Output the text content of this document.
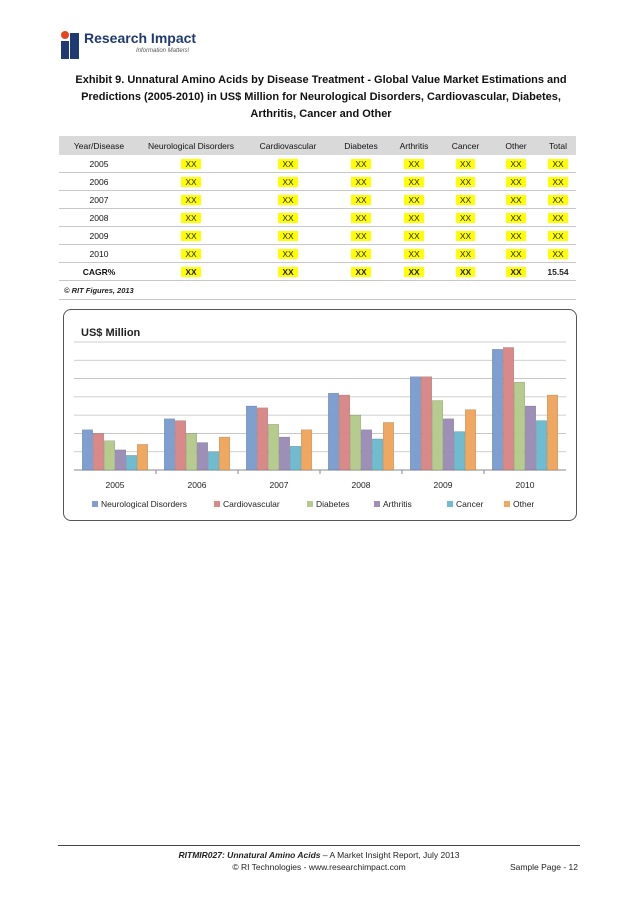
Research Impact
Information Matters!
Exhibit 9. Unnatural Amino Acids by Disease Treatment - Global Value Market Estimations and Predictions (2005-2010) in US$ Million for Neurological Disorders, Cardiovascular, Diabetes, Arthritis, Cancer and Other
Year/Disease	Neurological Disorders	Cardiovascular	Diabetes	Arthritis	Cancer	Other	Total
2005	XX	XX	XX	XX	XX	XX	XX
2006	XX	XX	XX	XX	XX	XX	XX
2007	XX	XX	XX	XX	XX	XX	XX
2008	XX	XX	XX	XX	XX	XX	XX
2009	XX	XX	XX	XX	XX	XX	XX
2010	XX	XX	XX	XX	XX	XX	XX
CAGR%	XX	XX	XX	XX	XX	XX	15.54
© RIT Figures, 2013
US$ Million
2005	2006	2007	2008	2009	2010
Neurological Disorders	Cardiovascular	Diabetes	Arthritis	Cancer	Other
RITMIR027: Unnatural Amino Acids – A Market Insight Report, July 2013
© RI Technologies - www.researchimpact.com	Sample Page - 12
